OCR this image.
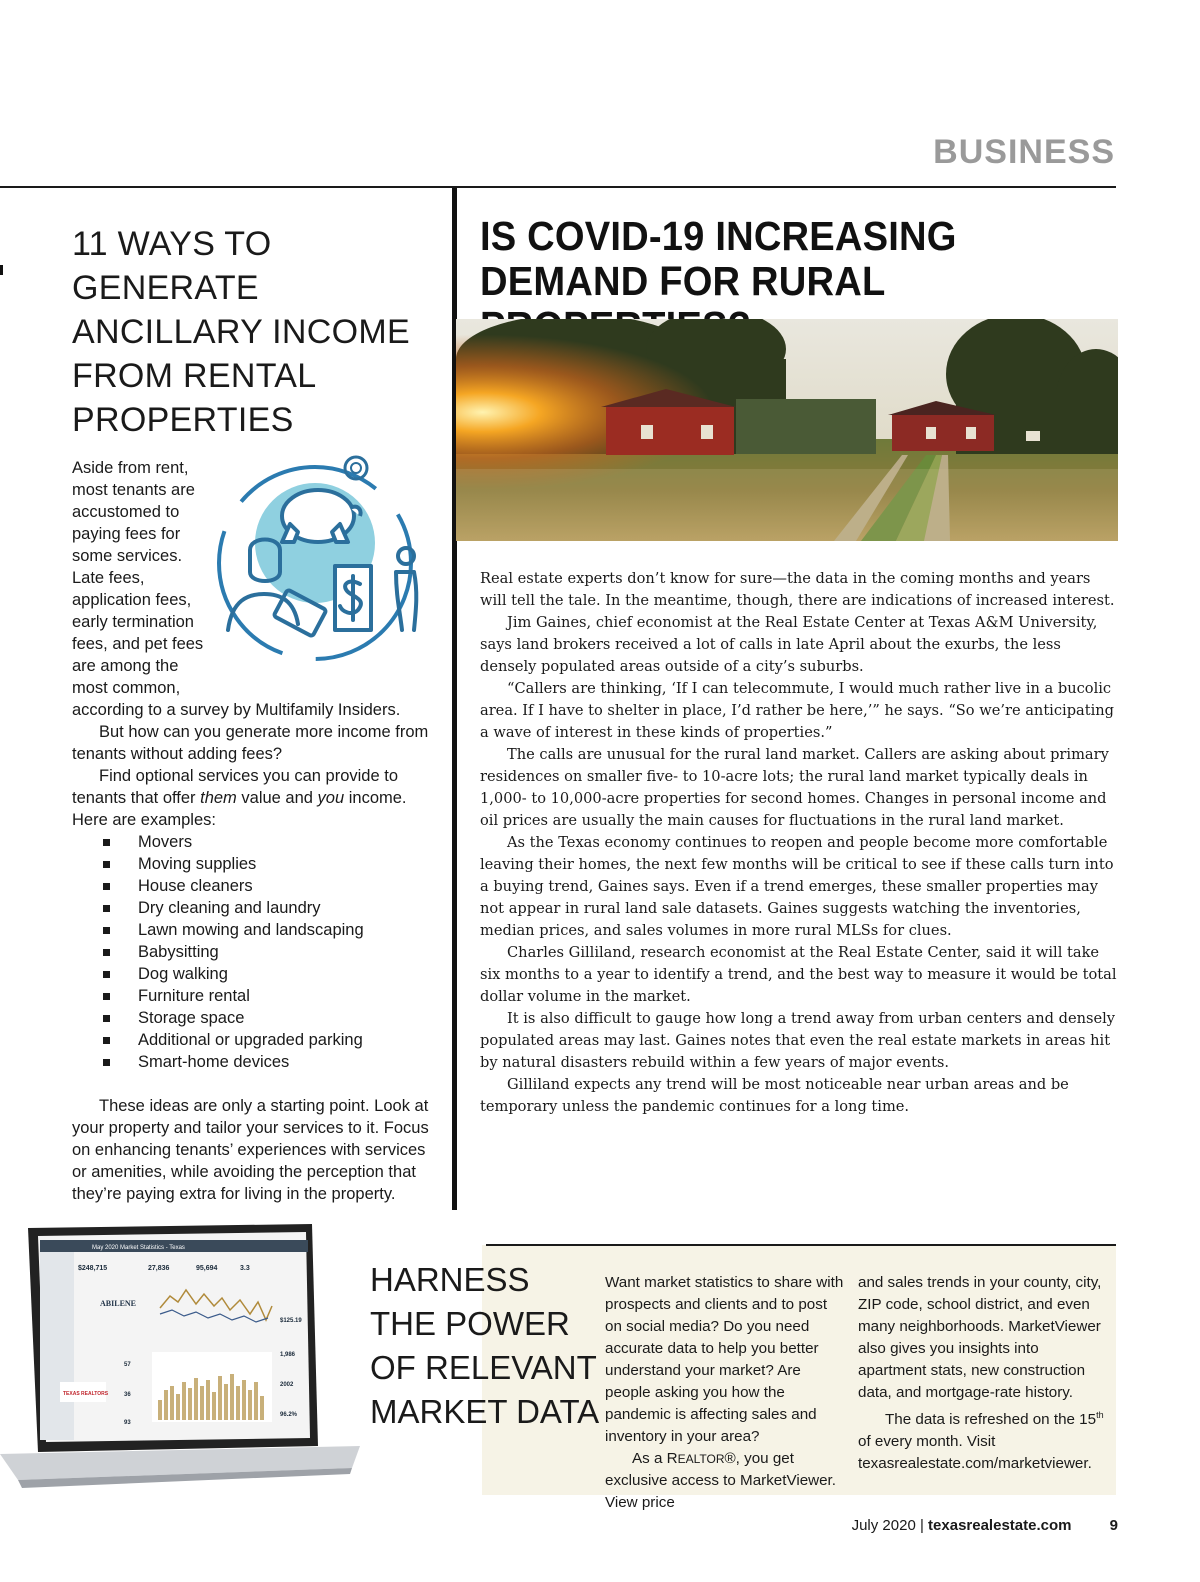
BUSINESS
11 WAYS TO GENERATE ANCILLARY INCOME FROM RENTAL PROPERTIES
Aside from rent,
most tenants are
accustomed to
paying fees for
some services.
Late fees,
application fees,
early termination
fees, and pet fees
are among the
most common,

according to a survey by Multifamily Insiders.

But how can you generate more income from tenants without adding fees?

Find optional services you can provide to tenants that offer them value and you income. Here are examples:

Movers
Moving supplies
House cleaners
Dry cleaning and laundry
Lawn mowing and landscaping
Babysitting
Dog walking
Furniture rental
Storage space
Additional or upgraded parking
Smart-home devices

These ideas are only a starting point. Look at your property and tailor your services to it. Focus on enhancing tenants’ experiences with services or amenities, while avoiding the perception that they’re paying extra for living in the property.

IS COVID-19 INCREASING DEMAND FOR RURAL

Real estate experts don’t know for sure—the data in the coming months and years will tell the tale. In the meantime, though, there are indications of increased interest.

Jim Gaines, chief economist at the Real Estate Center at Texas A&M University, says land brokers received a lot of calls in late April about the exurbs, the less densely populated areas outside of a city’s suburbs.

“Callers are thinking, ‘If I can telecommute, I would much rather live in a bucolic area. If I have to shelter in place, I’d rather be here,’” he says. “So we’re anticipating a wave of interest in these kinds of properties.”

The calls are unusual for the rural land market. Callers are asking about primary residences on smaller five- to 10-acre lots; the rural land market typically deals in 1,000- to 10,000-acre properties for second homes. Changes in personal income and oil prices are usually the main causes for fluctuations in the rural land market.

As the Texas economy continues to reopen and people become more comfortable leaving their homes, the next few months will be critical to see if these calls turn into a buying trend, Gaines says. Even if a trend emerges, these smaller properties may not appear in rural land sale datasets. Gaines suggests watching the inventories, median prices, and sales volumes in more rural MLSs for clues.

Charles Gilliland, research economist at the Real Estate Center, said it will take six months to a year to identify a trend, and the best way to measure it would be total dollar volume in the market.

It is also difficult to gauge how long a trend away from urban centers and densely populated areas may last. Gaines notes that even the real estate markets in areas hit by natural disasters rebuild within a few years of major events.

Gilliland expects any trend will be most noticeable near urban areas and be temporary unless the pandemic continues for a long time.

May 2020 Market Statistics - Texas
$248,715	27,836	95,694	3.3
ABILENE
57
36
93
$125.19
1,986
2002
96.2%
TEXAS REALTORS
HARNESS
THE POWER
OF RELEVANT
MARKET DATA

Want market statistics to share with prospects and clients and to post on social media? Do you need accurate data to help you better understand your market? Are people asking you how the pandemic is affecting sales and inventory in your area?

As a REALTOR®, you get exclusive access to MarketViewer. View price

and sales trends in your county, city, ZIP code, school district, and even many neighborhoods. MarketViewer also gives you insights into apartment stats, new construction data, and mortgage-rate history.

The data is refreshed on the 15th of every month. Visit texasrealestate.com/marketviewer.

July 2020 | texasrealestate.com	9
